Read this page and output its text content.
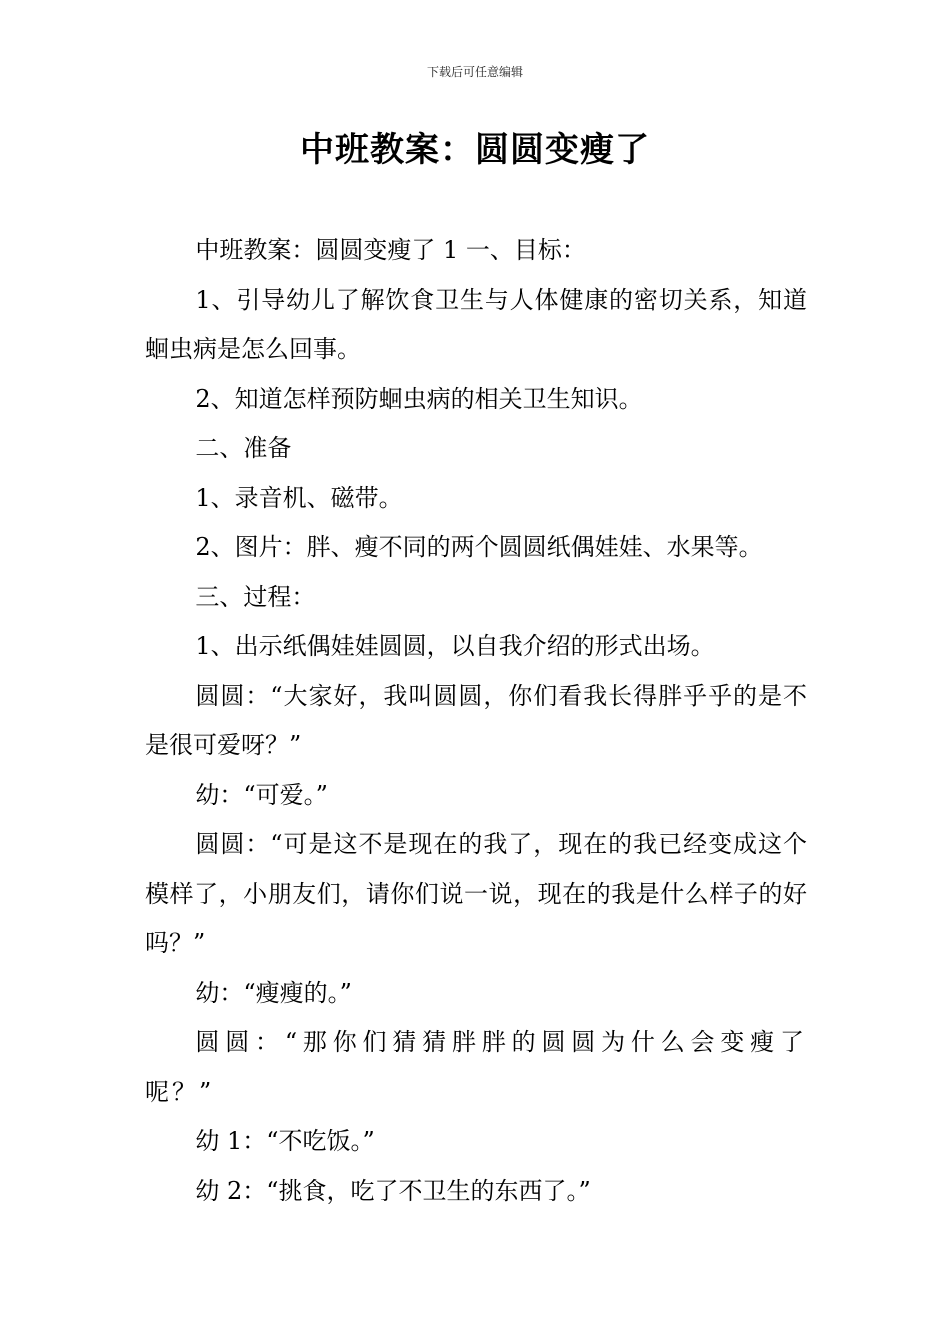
下载后可任意编辑
中班教案：圆圆变瘦了

中班教案：圆圆变瘦了 1 一、目标：

1、引导幼儿了解饮食卫生与人体健康的密切关系，知道蛔虫病是怎么回事。

2、知道怎样预防蛔虫病的相关卫生知识。

二、准备

1、录音机、磁带。

2、图片：胖、瘦不同的两个圆圆纸偶娃娃、水果等。

三、过程：

1、出示纸偶娃娃圆圆，以自我介绍的形式出场。

圆圆：“大家好，我叫圆圆，你们看我长得胖乎乎的是不是很可爱呀？”

幼：“可爱。”

圆圆：“可是这不是现在的我了，现在的我已经变成这个模样了，小朋友们，请你们说一说，现在的我是什么样子的好吗？”

幼：“瘦瘦的。”

圆圆：“那你们猜猜胖胖的圆圆为什么会变瘦了呢？”

幼 1：“不吃饭。”

幼 2：“挑食，吃了不卫生的东西了。”
